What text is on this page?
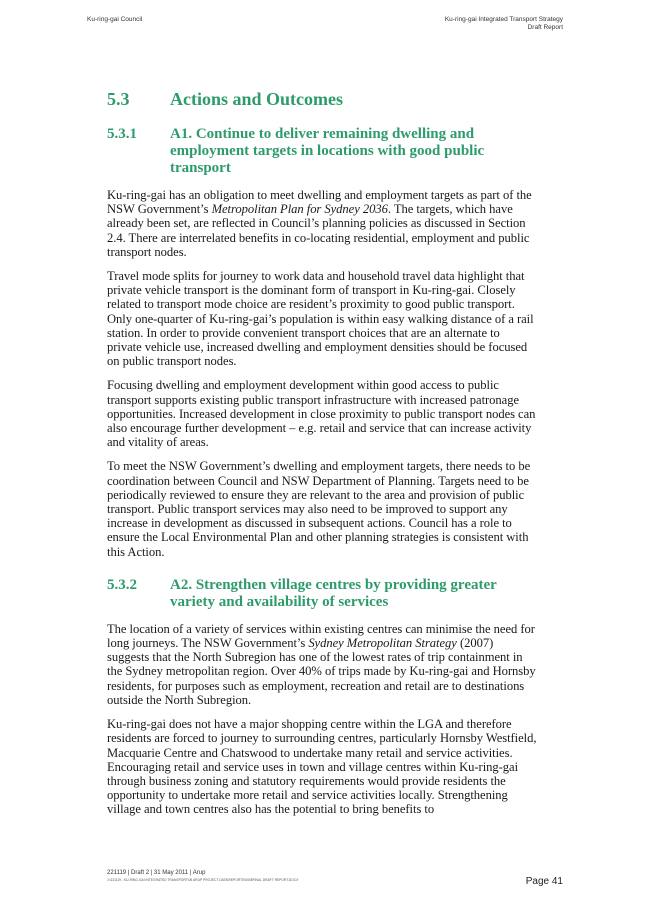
Ku-ring-gai Council	Ku-ring-gai Integrated Transport Strategy
Draft Report
5.3	Actions and Outcomes
5.3.1	A1. Continue to deliver remaining dwelling and employment targets in locations with good public transport

Ku-ring-gai has an obligation to meet dwelling and employment targets as part of the NSW Government’s Metropolitan Plan for Sydney 2036. The targets, which have already been set, are reflected in Council’s planning policies as discussed in Section 2.4. There are interrelated benefits in co-locating residential, employment and public transport nodes.

Travel mode splits for journey to work data and household travel data highlight that private vehicle transport is the dominant form of transport in Ku-ring-gai. Closely related to transport mode choice are resident’s proximity to good public transport. Only one-quarter of Ku-ring-gai’s population is within easy walking distance of a rail station. In order to provide convenient transport choices that are an alternate to private vehicle use, increased dwelling and employment densities should be focused on public transport nodes.

Focusing dwelling and employment development within good access to public transport supports existing public transport infrastructure with increased patronage opportunities. Increased development in close proximity to public transport nodes can also encourage further development – e.g. retail and service that can increase activity and vitality of areas.

To meet the NSW Government’s dwelling and employment targets, there needs to be coordination between Council and NSW Department of Planning. Targets need to be periodically reviewed to ensure they are relevant to the area and provision of public transport. Public transport services may also need to be improved to support any increase in development as discussed in subsequent actions. Council has a role to ensure the Local Environmental Plan and other planning strategies is consistent with this Action.

5.3.2	A2. Strengthen village centres by providing greater variety and availability of services

The location of a variety of services within existing centres can minimise the need for long journeys. The NSW Government’s Sydney Metropolitan Strategy (2007) suggests that the North Subregion has one of the lowest rates of trip containment in the Sydney metropolitan region. Over 40% of trips made by Ku-ring-gai and Hornsby residents, for purposes such as employment, recreation and retail are to destinations outside the North Subregion.

Ku-ring-gai does not have a major shopping centre within the LGA and therefore residents are forced to journey to surrounding centres, particularly Hornsby Westfield, Macquarie Centre and Chatswood to undertake many retail and service activities. Encouraging retail and service uses in town and village centres within Ku-ring-gai through business zoning and statutory requirements would provide residents the opportunity to undertake more retail and service activities locally. Strengthening village and town centres also has the potential to bring benefits to

221119 | Draft 2 | 31 May 2011 | Arup
J:\221119 - KU-RING-GAI INTEGRATED TRANSPORT\05 ARUP PROJECT DATA\REPORTS\0008FINAL DRAFT REPORT.DOCX	Page 41
